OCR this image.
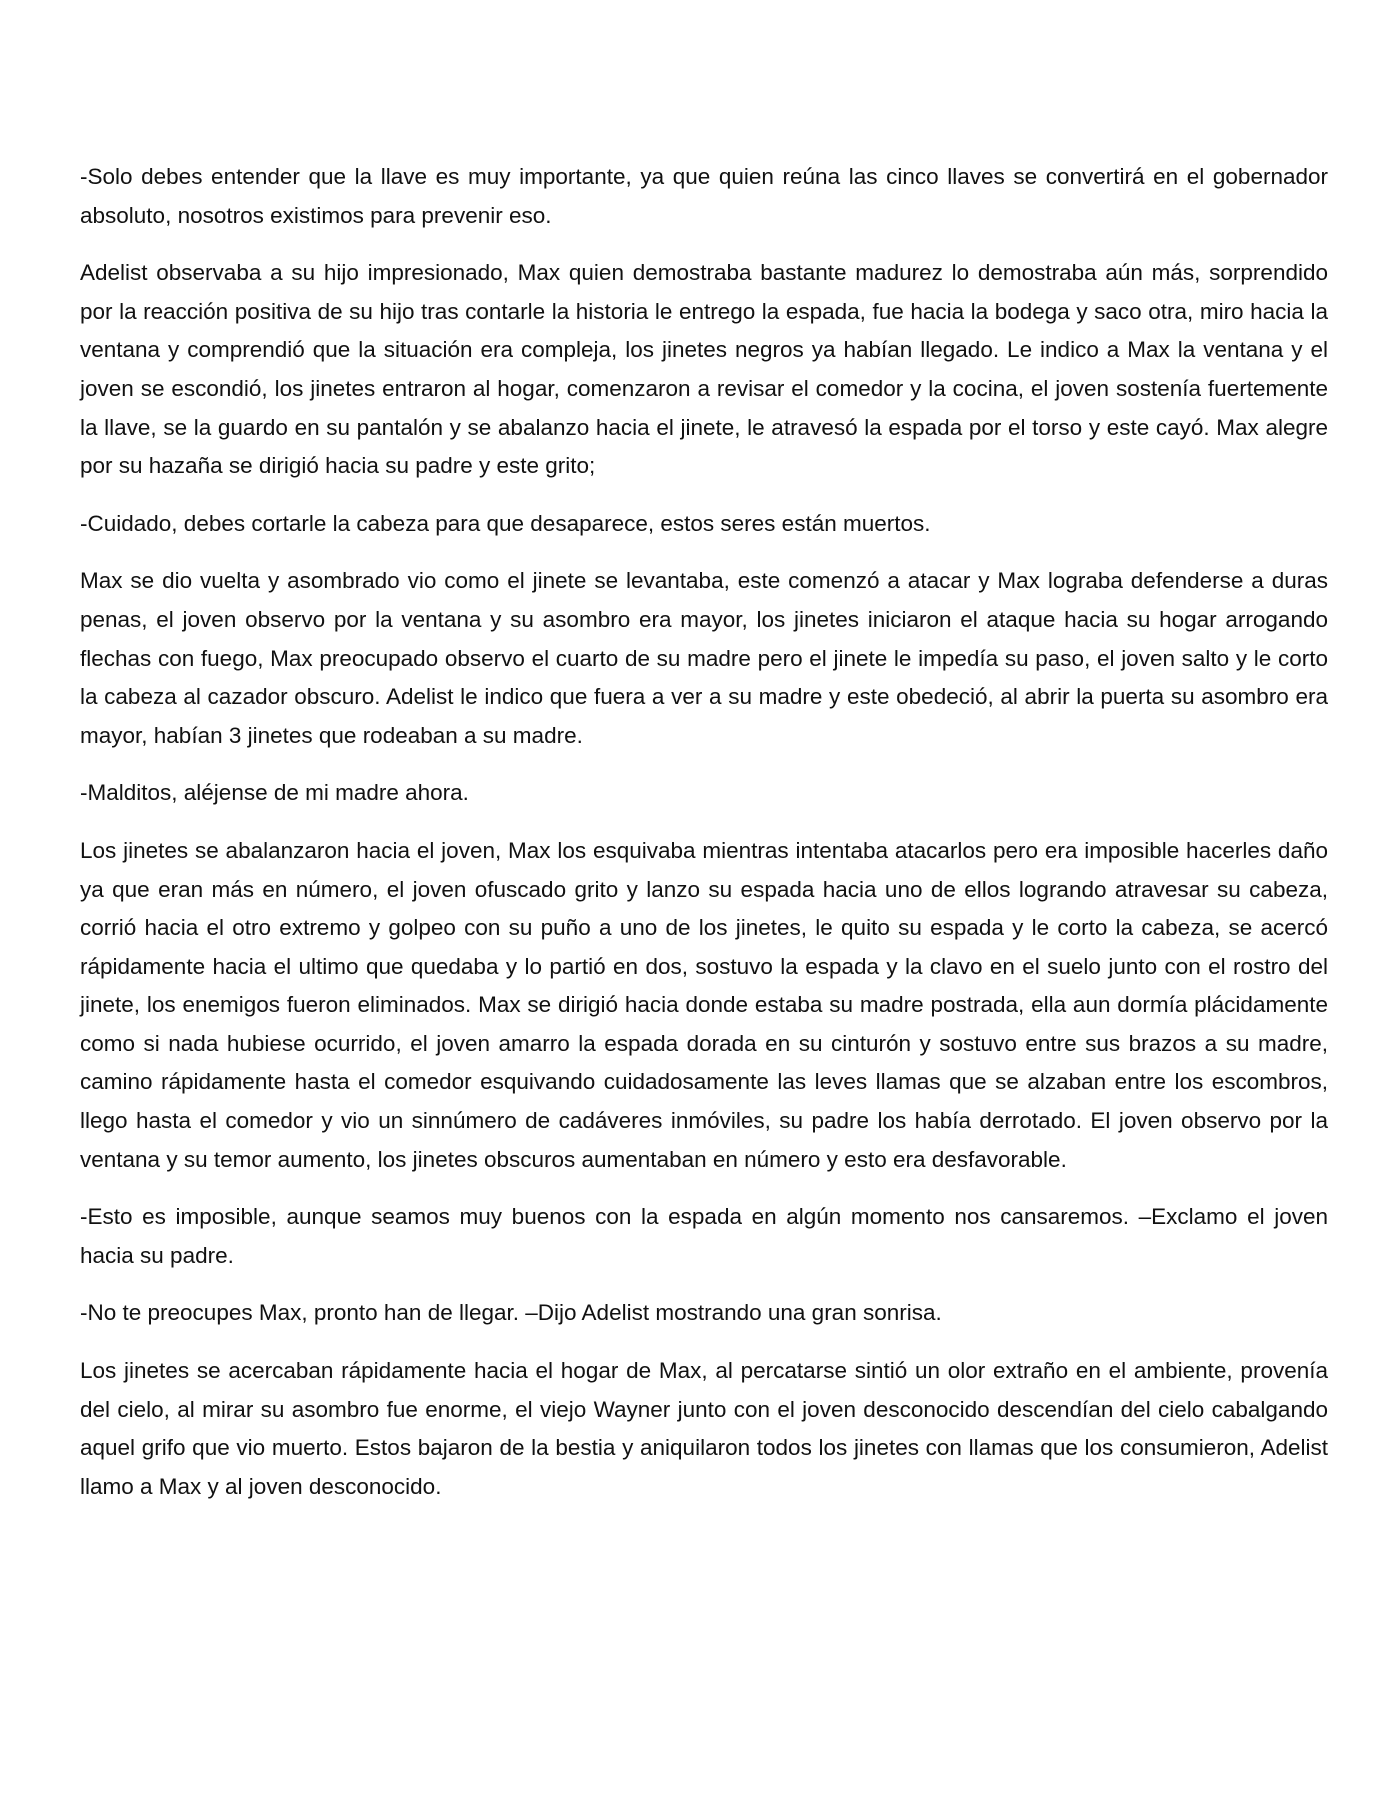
-Solo debes entender que la llave es muy importante, ya que quien reúna las cinco llaves se convertirá en el gobernador absoluto, nosotros existimos para prevenir eso.

Adelist observaba a su hijo impresionado, Max quien demostraba bastante madurez lo demostraba aún más, sorprendido por la reacción positiva de su hijo tras contarle la historia le entrego la espada, fue hacia la bodega y saco otra, miro hacia la ventana y comprendió que la situación era compleja, los jinetes negros ya habían llegado. Le indico a Max la ventana y el joven se escondió, los jinetes entraron al hogar, comenzaron a revisar el comedor y la cocina, el joven sostenía fuertemente la llave, se la guardo en su pantalón y se abalanzo hacia el jinete, le atravesó la espada por el torso y este cayó. Max alegre por su hazaña se dirigió hacia su padre y este grito;

-Cuidado, debes cortarle la cabeza para que desaparece, estos seres están muertos.

Max se dio vuelta y asombrado vio como el jinete se levantaba, este comenzó a atacar y Max lograba defenderse a duras penas, el joven observo por la ventana y su asombro era mayor, los jinetes iniciaron el ataque hacia su hogar arrogando flechas con fuego, Max preocupado observo el cuarto de su madre pero el jinete le impedía su paso, el joven salto y le corto la cabeza al cazador obscuro. Adelist le indico que fuera a ver a su madre y este obedeció, al abrir la puerta su asombro era mayor, habían 3 jinetes que rodeaban a su madre.

-Malditos, aléjense de mi madre ahora.

Los jinetes se abalanzaron hacia el joven, Max los esquivaba mientras intentaba atacarlos pero era imposible hacerles daño ya que eran más en número, el joven ofuscado grito y lanzo su espada hacia uno de ellos logrando atravesar su cabeza, corrió hacia el otro extremo y golpeo con su puño a uno de los jinetes, le quito su espada y le corto la cabeza, se acercó rápidamente hacia el ultimo que quedaba y lo partió en dos, sostuvo la espada y la clavo en el suelo junto con el rostro del jinete, los enemigos fueron eliminados. Max se dirigió hacia donde estaba su madre postrada, ella aun dormía plácidamente como si nada hubiese ocurrido, el joven amarro la espada dorada en su cinturón y sostuvo entre sus brazos a su madre, camino rápidamente hasta el comedor esquivando cuidadosamente las leves llamas que se alzaban entre los escombros, llego hasta el comedor y vio un sinnúmero de cadáveres inmóviles, su padre los había derrotado. El joven observo por la ventana y su temor aumento, los jinetes obscuros aumentaban en número y esto era desfavorable.

-Esto es imposible, aunque seamos muy buenos con la espada en algún momento nos cansaremos. –Exclamo el joven hacia su padre.

-No te preocupes Max, pronto han de llegar. –Dijo Adelist mostrando una gran sonrisa.

Los jinetes se acercaban rápidamente hacia el hogar de Max, al percatarse sintió un olor extraño en el ambiente, provenía del cielo, al mirar su asombro fue enorme, el viejo Wayner junto con el joven desconocido descendían del cielo cabalgando aquel grifo que vio muerto. Estos bajaron de la bestia y aniquilaron todos los jinetes con llamas que los consumieron, Adelist llamo a Max y al joven desconocido.
